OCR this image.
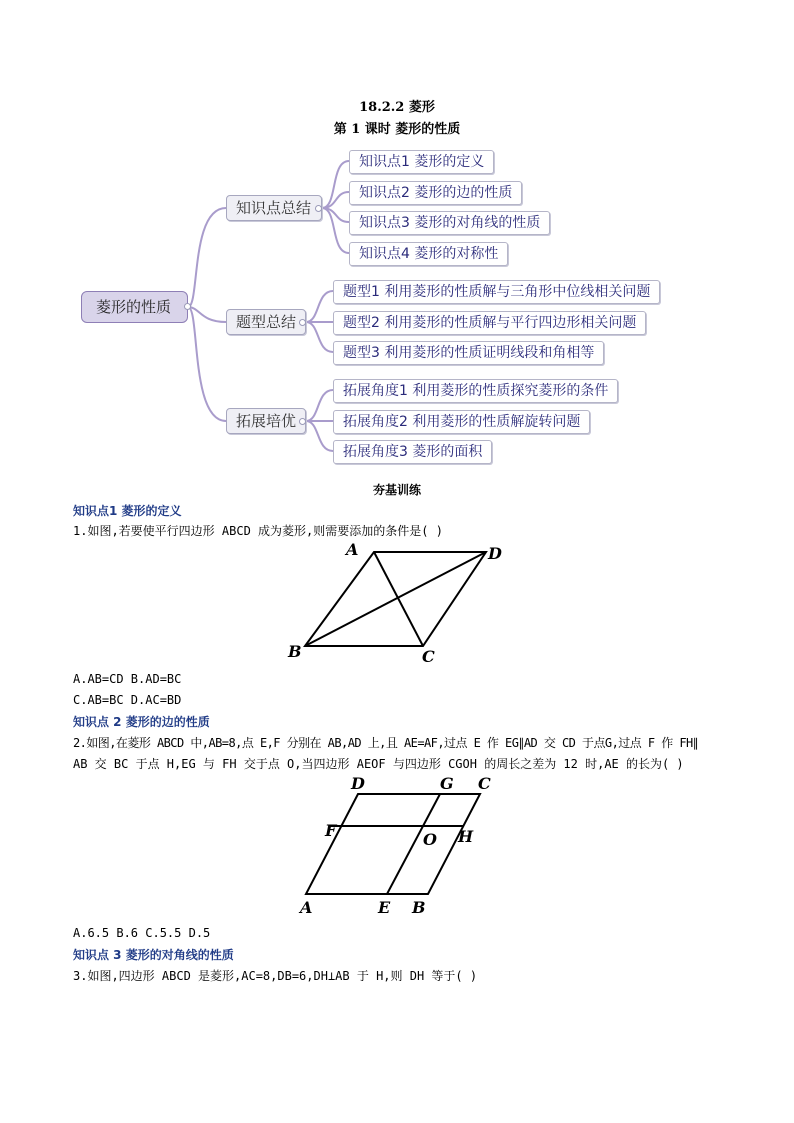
18.2.2 菱形
第 1 课时 菱形的性质
菱形的性质
知识点总结
题型总结
拓展培优
知识点1 菱形的定义
知识点2 菱形的边的性质
知识点3 菱形的对角线的性质
知识点4 菱形的对称性
题型1 利用菱形的性质解与三角形中位线相关问题
题型2 利用菱形的性质解与平行四边形相关问题
题型3 利用菱形的性质证明线段和角相等
拓展角度1 利用菱形的性质探究菱形的条件
拓展角度2 利用菱形的性质解旋转问题
拓展角度3 菱形的面积
夯基训练
知识点1 菱形的定义
1.如图,若要使平行四边形 ABCD 成为菱形,则需要添加的条件是( )
A	D
B	C
A.AB=CD B.AD=BC
C.AB=BC D.AC=BD
知识点 2 菱形的边的性质
2.如图,在菱形 ABCD 中,AB=8,点 E,F 分别在 AB,AD 上,且 AE=AF,过点 E 作 EG∥AD 交 CD 于点G,过点 F 作 FH∥
AB 交 BC 于点 H,EG 与 FH 交于点 O,当四边形 AEOF 与四边形 CGOH 的周长之差为 12 时,AE 的长为( )
D	G C
F	O H
A	E B
A.6.5 B.6 C.5.5 D.5
知识点 3 菱形的对角线的性质
3.如图,四边形 ABCD 是菱形,AC=8,DB=6,DH⊥AB 于 H,则 DH 等于( )
